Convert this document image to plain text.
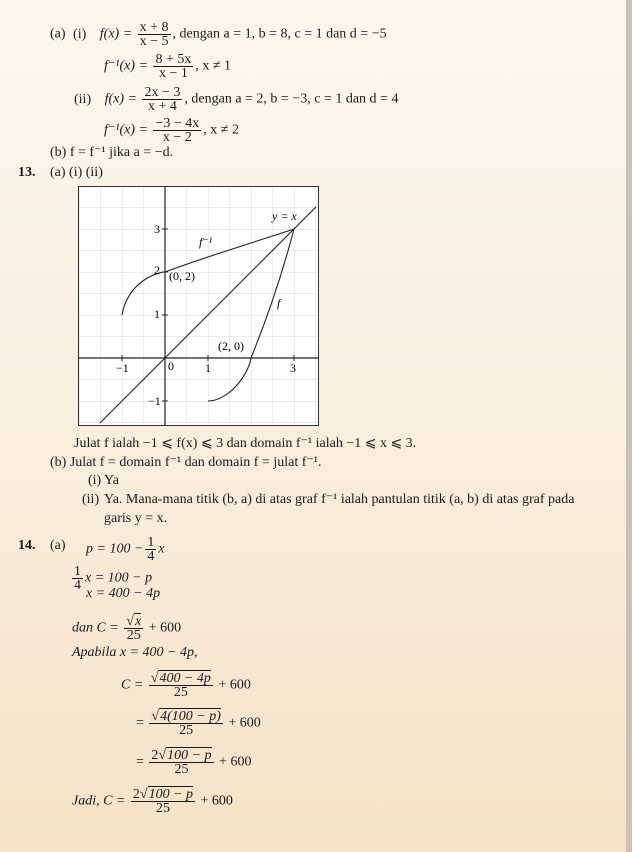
(a) (i) $f(x) = \frac{x + 8}{x - 5}$ , dengan a = 1, b = 8, c = 1 dan d = −5
$f^{-1}(x) = \frac{8 + 5x}{x - 1}$ , x ≠ 1
(ii) $f(x) = \frac{2x - 3}{x + 4}$ , dengan a = 2, b = −3, c = 1 dan d = 4
$f^{-1}(x) = \frac{-3 - 4x}{x - 2}$ , x ≠ 2
(b) f = f⁻¹ jika a = −d.
13. (a) (i) (ii)
−1	0	1	3
3
2
1
−1
y = x
f⁻¹
f
(0, 2)
(2, 0)
Julat f ialah −1 ⩽ f(x) ⩽ 3 dan domain f⁻¹ ialah −1 ⩽ x ⩽ 3.
(b) Julat f = domain f⁻¹ dan domain f = julat f⁻¹.
(i) Ya
(ii) Ya. Mana-mana titik (b, a) di atas graf f⁻¹ ialah pantulan titik (a, b) di atas graf pada
garis y = x.
14. (a) $p = 100 - \frac{1}{4}$ x
$\frac{1}{4}$ x = 100 − p
x = 400 − 4p
dan $C = \frac{√x}{25} + 600$
Apabila x = 400 − 4p,
$C = \frac{√400 - 4p}{25} + 600$
= $\frac{√4(100 - p)}{25} + 600$
= $\frac{2√100 - p}{25} + 600$
Jadi, $C = \frac{2√100 - p}{25} + 600$
